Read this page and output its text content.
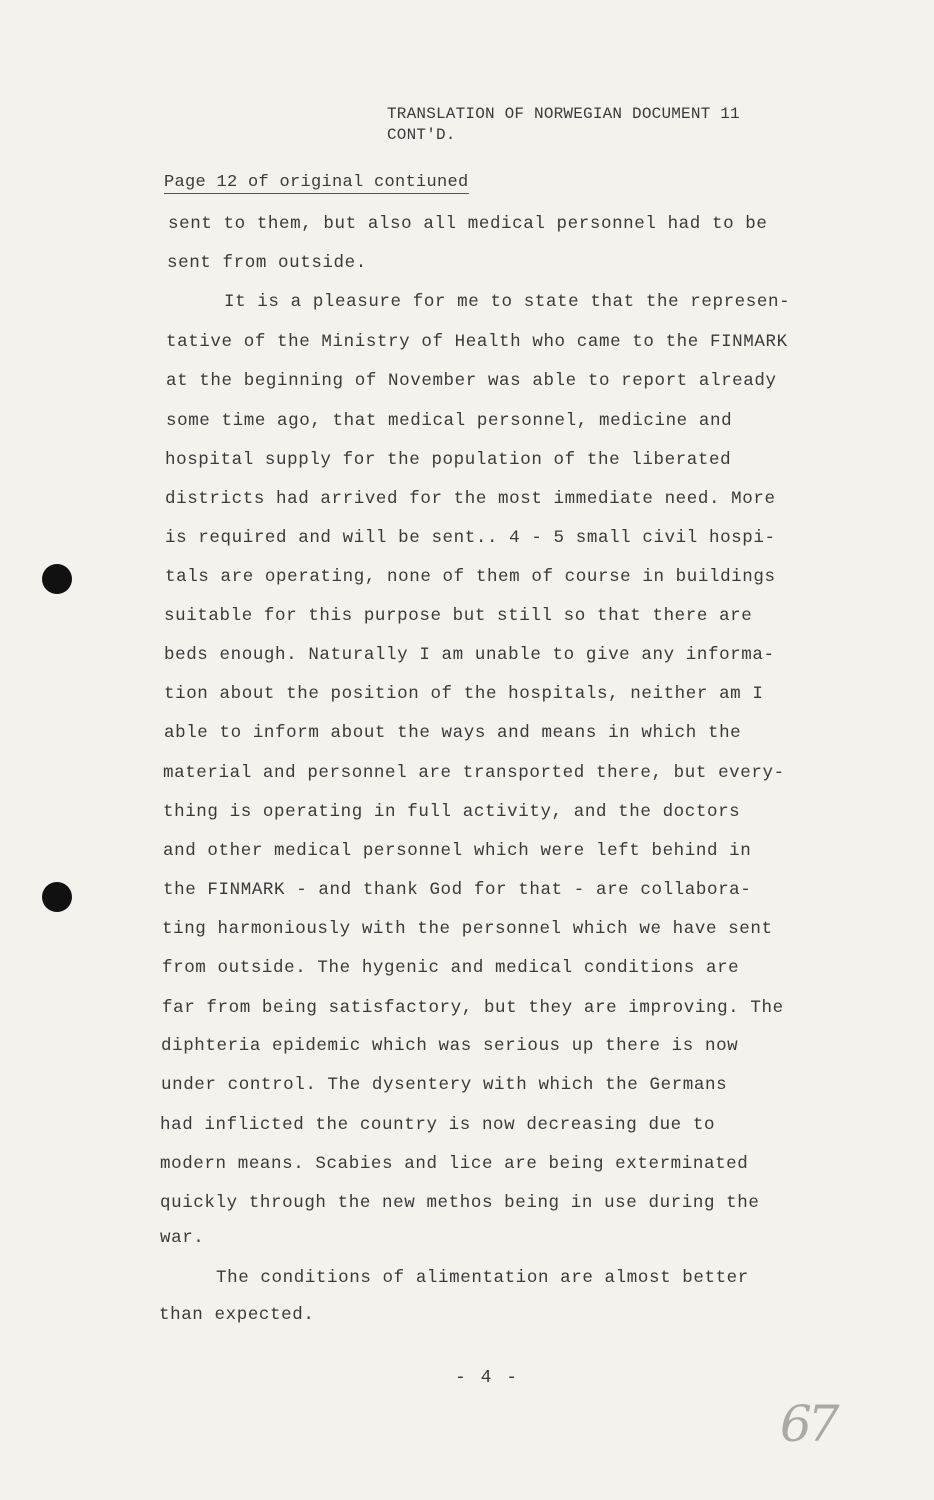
TRANSLATION OF NORWEGIAN DOCUMENT 11
CONT'D.
Page 12 of original contiuned
sent to them, but also all medical personnel had to be
sent from outside.
It is a pleasure for me to state that the represen-
tative of the Ministry of Health who came to the FINMARK
at the beginning of November was able to report already
some time ago, that medical personnel, medicine and
hospital supply for the population of the liberated
districts had arrived for the most immediate need. More
is required and will be sent.. 4 - 5 small civil hospi-
tals are operating, none of them of course in buildings
suitable for this purpose but still so that there are
beds enough. Naturally I am unable to give any informa-
tion about the position of the hospitals, neither am I
able to inform about the ways and means in which the
material and personnel are transported there, but every-
thing is operating in full activity, and the doctors
and other medical personnel which were left behind in
the FINMARK - and thank God for that - are collabora-
ting harmoniously with the personnel which we have sent
from outside. The hygenic and medical conditions are
far from being satisfactory, but they are improving. The
diphteria epidemic which was serious up there is now
under control. The dysentery with which the Germans
had inflicted the country is now decreasing due to
modern means. Scabies and lice are being exterminated
quickly through the new methos being in use during the
war.
The conditions of alimentation are almost better
than expected.
- 4 -
67
